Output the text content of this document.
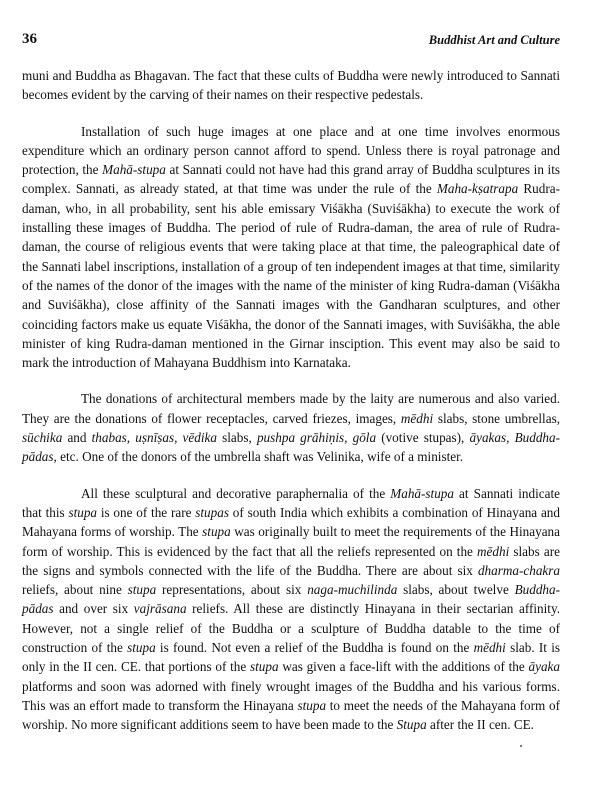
36	Buddhist Art and Culture

muni and Buddha as Bhagavan. The fact that these cults of Buddha were newly introduced to Sannati becomes evident by the carving of their names on their respective pedestals.

Installation of such huge images at one place and at one time involves enormous expenditure which an ordinary person cannot afford to spend. Unless there is royal patronage and protection, the Mahā-stupa at Sannati could not have had this grand array of Buddha sculptures in its complex. Sannati, as already stated, at that time was under the rule of the Maha-kṣatrapa Rudra-daman, who, in all probability, sent his able emissary Viśākha (Suviśākha) to execute the work of installing these images of Buddha. The period of rule of Rudra-daman, the area of rule of Rudra-daman, the course of religious events that were taking place at that time, the paleographical date of the Sannati label inscriptions, installation of a group of ten independent images at that time, similarity of the names of the donor of the images with the name of the minister of king Rudra-daman (Viśākha and Suviśākha), close affinity of the Sannati images with the Gandharan sculptures, and other coinciding factors make us equate Viśākha, the donor of the Sannati images, with Suviśākha, the able minister of king Rudra-daman mentioned in the Girnar insciption. This event may also be said to mark the introduction of Mahayana Buddhism into Karnataka.

The donations of architectural members made by the laity are numerous and also varied. They are the donations of flower receptacles, carved friezes, images, mēdhi slabs, stone umbrellas, sūchika and thabas, uṣnīṣas, vēdika slabs, pushpa grāhiṇis, gōla (votive stupas), āyakas, Buddha-pādas, etc. One of the donors of the umbrella shaft was Velinika, wife of a minister.

All these sculptural and decorative paraphernalia of the Mahā-stupa at Sannati indicate that this stupa is one of the rare stupas of south India which exhibits a combination of Hinayana and Mahayana forms of worship. The stupa was originally built to meet the requirements of the Hinayana form of worship. This is evidenced by the fact that all the reliefs represented on the mēdhi slabs are the signs and symbols connected with the life of the Buddha. There are about six dharma-chakra reliefs, about nine stupa representations, about six naga-muchilinda slabs, about twelve Buddha-pādas and over six vajrāsana reliefs. All these are distinctly Hinayana in their sectarian affinity. However, not a single relief of the Buddha or a sculpture of Buddha datable to the time of construction of the stupa is found. Not even a relief of the Buddha is found on the mēdhi slab. It is only in the II cen. CE. that portions of the stupa was given a face-lift with the additions of the āyaka platforms and soon was adorned with finely wrought images of the Buddha and his various forms. This was an effort made to transform the Hinayana stupa to meet the needs of the Mahayana form of worship. No more significant additions seem to have been made to the Stupa after the II cen. CE.
